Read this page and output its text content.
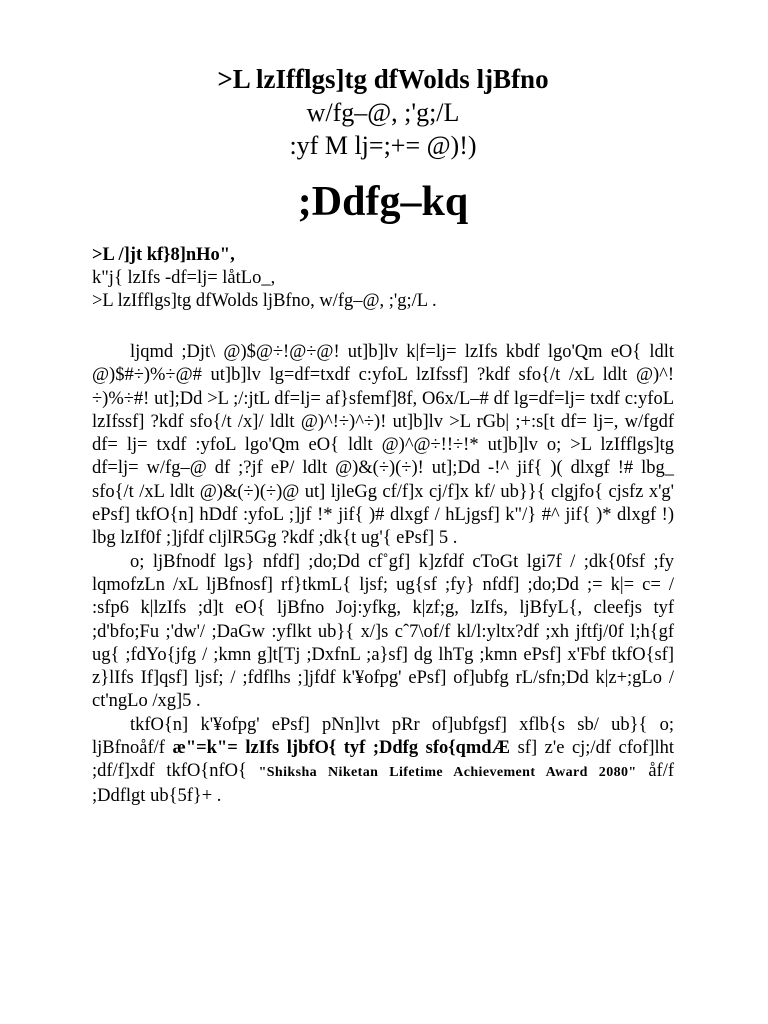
>L lzIfflgs]tg dfWolds ljBfno

w/fg–@, ;'g;/L

:yf M lj=;+= @)!)

;Ddfg–kq

>L /]jt kf}8]nHo",

k"j{ lzIfs -df=lj= låtLo_,

>L lzIfflgs]tg dfWolds ljBfno, w/fg–@, ;'g;/L .

ljqmd ;Djt\ @)$@÷!@÷@! ut]b]lv k|f=lj= lzIfs kbdf lgo'Qm eO{ ldlt @)$#÷)%÷@# ut]b]lv lg=df=txdf c:yfoL lzIfssf] ?kdf sfo{/t /xL ldlt @)^!÷)%÷#! ut];Dd >L ;/:jtL df=lj= af}sfemf]8f, O6x/L–# df lg=df=lj= txdf c:yfoL lzIfssf] ?kdf sfo{/t /x]/ ldlt @)^!÷)^÷)! ut]b]lv >L rGb| ;+:s[t df= lj=, w/fgdf df= lj= txdf :yfoL lgo'Qm eO{ ldlt @)^@÷!!÷!* ut]b]lv o; >L lzIfflgs]tg df=lj= w/fg–@ df ;?jf eP/ ldlt @)&(÷)(÷)! ut];Dd -!^ jif{ )( dlxgf !# lbg_ sfo{/t /xL ldlt @)&(÷)(÷)@ ut] ljleGg cf/f]x cj/f]x kf/ ub}}{ clgjfo{ cjsfz x'g' ePsf] tkfO{n] hDdf :yfoL ;]jf !* jif{ )# dlxgf / hLjgsf] k"/} #^ jif{ )* dlxgf !) lbg lzIf0f ;]jfdf cljlR5Gg ?kdf ;dk{t ug'{ ePsf] 5 .

o; ljBfnodf lgs} nfdf] ;do;Dd cf˚gf] k]zfdf cToGt lgi7f / ;dk{0fsf ;fy lqmofzLn /xL ljBfnosf] rf}tkmL{ ljsf; ug{sf ;fy} nfdf] ;do;Dd ;= k|= c= / :sfp6 k|lzIfs ;d]t eO{ ljBfno Joj:yfkg, k|zf;g, lzIfs, ljBfyL{, cleefjs tyf ;d'bfo;Fu ;'dw'/ ;DaGw :yflkt ub}{ x/]s cˆ7\of/f kl/l:yltx?df ;xh jftfj/0f l;h{gf ug{ ;fdYo{jfg / ;kmn g]t[Tj ;DxfnL ;a}sf] dg lhTg ;kmn ePsf] x'Fbf tkfO{sf] z}lIfs If]qsf] ljsf; / ;fdflhs ;]jfdf k'¥ofpg' ePsf] of]ubfg rL/sfn;Dd k|z+;gLo / ct'ngLo /xg]5 .

tkfO{n] k'¥ofpg' ePsf] pNn]lvt pRr of]ubfgsf] xflb{s sb/ ub}{ o; ljBfnoåf/f æ"=k"= lzIfs ljbfO{ tyf ;Ddfg sfo{qmdÆ sf] z'e cj;/df cfof]lht ;df/f]xdf tkfO{nfO{ "Shiksha Niketan Lifetime Achievement Award 2080" åf/f ;Ddflgt ub{5f}+ .
